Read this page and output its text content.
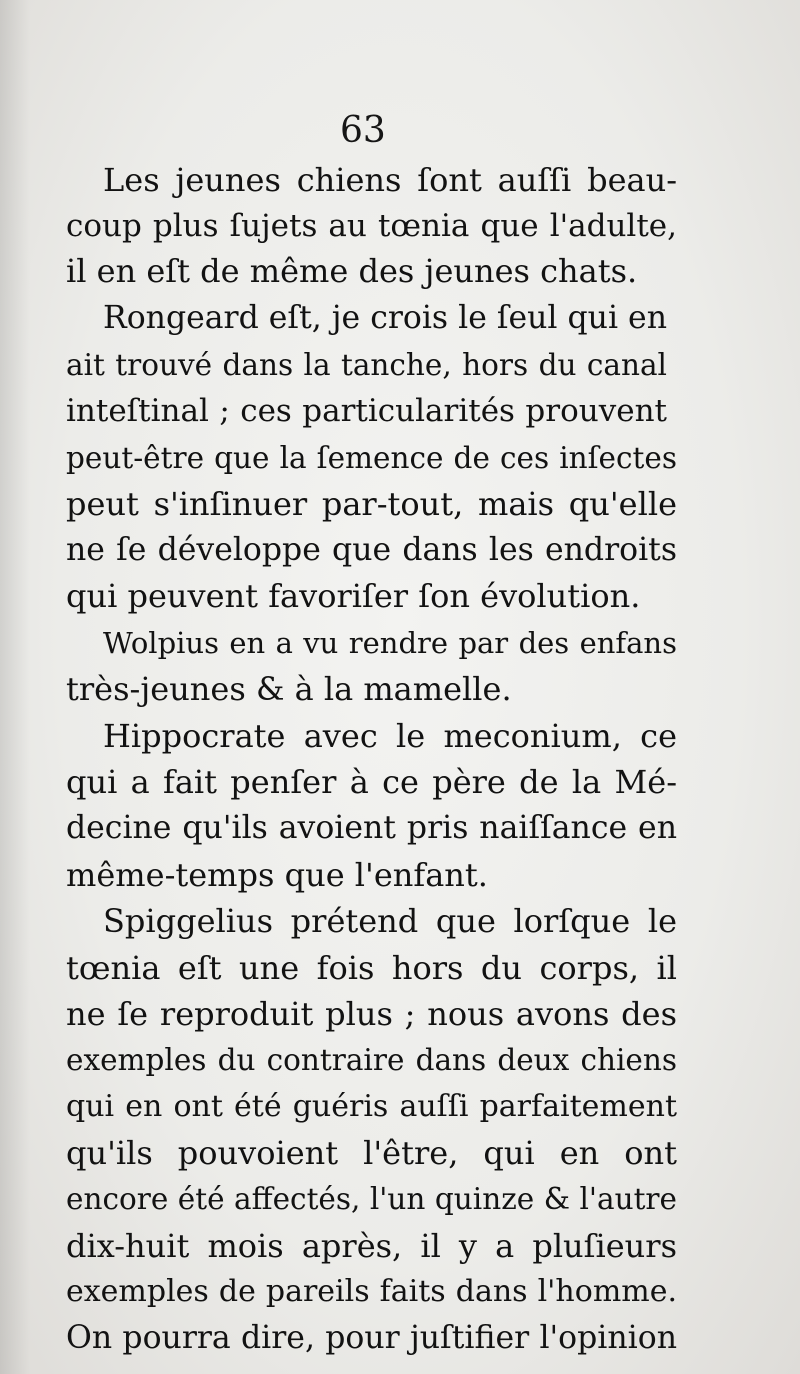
63
Les jeunes chiens ſont auſſi beau-
coup plus ſujets au tœnia que l'adulte,
il en eſt de même des jeunes chats.
Rongeard eſt, je crois le ſeul qui en
ait trouvé dans la tanche, hors du canal
inteſtinal ; ces particularités prouvent
peut-être que la ſemence de ces inſectes
peut s'inſinuer par-tout, mais qu'elle
ne ſe développe que dans les endroits
qui peuvent favoriſer ſon évolution.
Wolpius en a vu rendre par des enfans
très-jeunes & à la mamelle.
Hippocrate avec le meconium, ce
qui a fait penſer à ce père de la Mé-
decine qu'ils avoient pris naiſſance en
même-temps que l'enfant.
Spiggelius prétend que lorſque le
tœnia eſt une fois hors du corps, il
ne ſe reproduit plus ; nous avons des
exemples du contraire dans deux chiens
qui en ont été guéris auſſi parfaitement
qu'ils pouvoient l'être, qui en ont
encore été affectés, l'un quinze & l'autre
dix-huit mois après, il y a pluſieurs
exemples de pareils faits dans l'homme.
On pourra dire, pour juſtifier l'opinion
